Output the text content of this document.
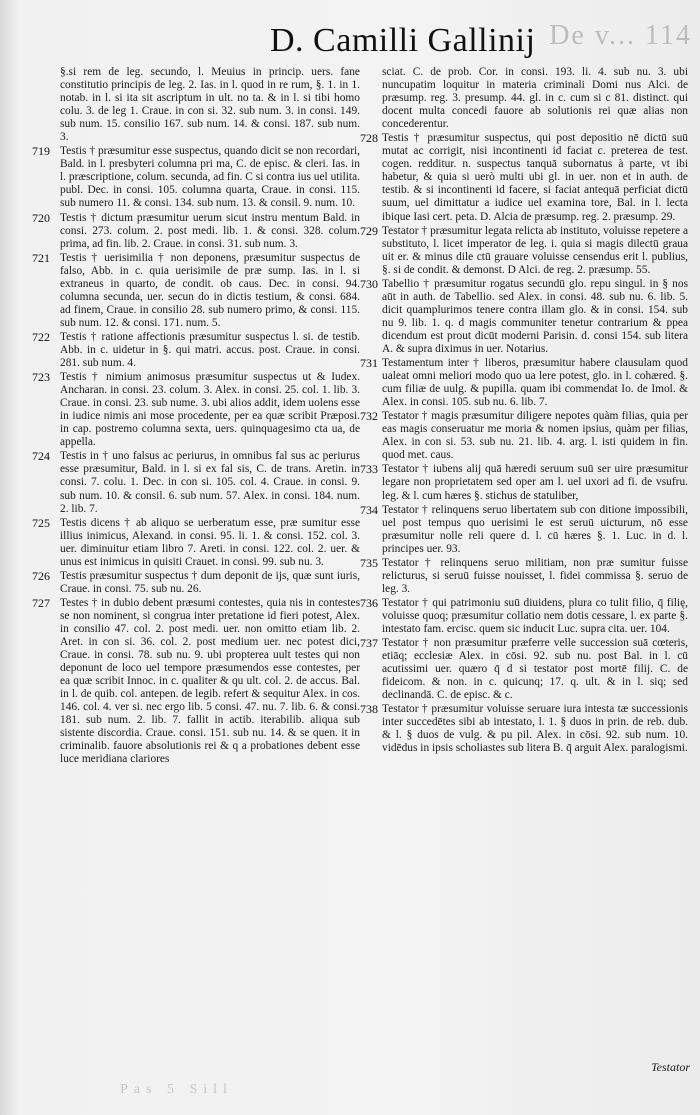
De v... 114
D. Camilli Gallinij

§.si rem de leg. secundo, l. Meuius in princip. uers. fane constitutio principis de leg. 2. Ias. in l. quod in re rum, §. 1. in 1. notab. in l. si ita sit ascriptum in ult. no ta. & in l. si tibi homo colu. 3. de leg 1. Craue. in con si. 32. sub num. 3. in consi. 149. sub num. 15. consilio 167. sub num. 14. & consi. 187. sub num. 3.

719 Testis † præsumitur esse suspectus, quando dicit se non recordari, Bald. in l. presbyteri columna pri ma, C. de episc. & cleri. Ias. in l. præscriptione, colum. secunda, ad fin. C si contra ius uel utilita. publ. Dec. in consi. 105. columna quarta, Craue. in consi. 115. sub numero 11. & consi. 134. sub num. 13. & consil. 9. num. 10.

720 Testis † dictum præsumitur uerum sicut instru mentum Bald. in consi. 273. colum. 2. post medi. lib. 1. & consi. 328. colum. prima, ad fin. lib. 2. Craue. in consi. 31. sub num. 3.

721 Testis † uerisimilia † non deponens, præsumitur suspectus de falso, Abb. in c. quia uerisimile de præ sump. Ias. in l. si extraneus in quarto, de condit. ob caus. Dec. in consi. 94. columna secunda, uer. secun do in dictis testium, & consi. 684. ad finem, Craue. in consilio 28. sub numero primo, & consi. 115. sub num. 12. & consi. 171. num. 5.

722 Testis † ratione affectionis præsumitur suspectus l. si. de testib. Abb. in c. uidetur in §. qui matri. accus. post. Craue. in consi. 281. sub num. 4.

723 Testis † nimium animosus præsumitur suspectus ut & Iudex. Ancharan. in consi. 23. colum. 3. Alex. in consi. 25. col. 1. lib. 3. Craue. in consi. 23. sub nume. 3. ubi alios addit, idem uolens esse in iudice nimis ani mose procedente, per ea quæ scribit Præposi. in cap. postremo columna sexta, uers. quinquagesimo cta ua, de appella.

724 Testis in † uno falsus ac periurus, in omnibus fal sus ac periurus esse præsumitur, Bald. in l. si ex fal sis, C. de trans. Aretin. in consi. 7. colu. 1. Dec. in con si. 105. col. 4. Craue. in consi. 9. sub num. 10. & consil. 6. sub num. 57. Alex. in consi. 184. num. 2. lib. 7.

725 Testis dicens † ab aliquo se uerberatum esse, præ sumitur esse illius inimicus, Alexand. in consi. 95. li. 1. & consi. 152. col. 3. uer. diminuitur etiam libro 7. Areti. in consi. 122. col. 2. uer. & unus est inimicus in quisiti Crauet. in consi. 99. sub nu. 3.

726 Testis præsumitur suspectus † dum deponit de ijs, quæ sunt iuris, Craue. in consi. 75. sub nu. 26.

727 Testes † in dubio debent præsumi contestes, quia nis in contestes se non nominent, si congrua inter pretatione id fieri potest, Alex. in consilio 47. col. 2. post medi. uer. non omitto etiam lib. 2. Aret. in con si. 36. col. 2. post medium uer. nec potest dici, Craue. in consi. 78. sub nu. 9. ubi propterea uult testes qui non deponunt de loco uel tempore præsumendos esse contestes, per ea quæ scribit Innoc. in c. qualiter & qu ult. col. 2. de accus. Bal. in l. de quib. col. antepen. de legib. refert & sequitur Alex. in cos. 146. col. 4. ver si. nec ergo lib. 5 consi. 47. nu. 7. lib. 6. & consi. 181. sub num. 2. lib. 7. fallit in actib. iterabilib. aliqua sub sistente discordia. Craue. consi. 151. sub nu. 14. & se quen. it in criminalib. fauore absolutionis rei & q a probationes debent esse luce meridiana clariores

sciat. C. de prob. Cor. in consi. 193. li. 4. sub nu. 3. ubi nuncupatim loquitur in materia criminali Domi nus Alci. de præsump. reg. 3. presump. 44. gl. in c. cum si c 81. distinct. qui docent multa concedi fauore ab solutionis rei quæ alias non concederentur.

728 Testis † præsumitur suspectus, qui post depositio nē dictū suū mutat ac corrigit, nisi incontinenti id faciat c. preterea de test. cogen. redditur. n. suspectus tanquā subornatus à parte, vt ibi habetur, & quia si uerò multi ubi gl. in uer. non et in auth. de testib. & si incontinenti id facere, si faciat antequā perficiat dictū suum, uel dimittatur a iudice uel examina tore, Bal. in l. lecta ibique Iasi cert. peta. D. Alcia de præsump. reg. 2. præsump. 29.

729 Testator † præsumitur legata relicta ab instituto, voluisse repetere a substituto, l. licet imperator de leg. i. quia si magis dilectū graua uit er. & minus dile ctū grauare voluisse censendus erit l. publius, §. si de condit. & demonst. D Alci. de reg. 2. præsump. 55.

730 Tabellio † præsumitur rogatus secundū glo. repu singul. in § nos aūt in auth. de Tabellio. sed Alex. in consi. 48. sub nu. 6. lib. 5. dicit quamplurimos tenere contra illam glo. & in consi. 154. sub nu 9. lib. 1. q. d magis communiter tenetur contrarium & ppea dicendum est prout dicūt moderni Parisin. d. consi 154. sub litera A. & supra diximus in uer. Notarius.

731 Testamentum inter † liberos, præsumitur habere clausulam quod ualeat omni meliori modo quo ua lere potest, glo. in l. cohæred. §. cum filiæ de uulg. & pupilla. quam ibi commendat Io. de Imol. & Alex. in consi. 105. sub nu. 6. lib. 7.

732 Testator † magis præsumitur diligere nepotes quàm filias, quia per eas magis conseruatur me moria & nomen ipsius, quàm per filias, Alex. in con si. 53. sub nu. 21. lib. 4. arg. l. isti quidem in fin. quod met. caus.

733 Testator † iubens alij quā hæredi seruum suū ser uire præsumitur legare non proprietatem sed oper am l. uel uxori ad fi. de vsufru. leg. & l. cum hæres §. stichus de statuliber,

734 Testator † relinquens seruo libertatem sub con ditione impossibili, uel post tempus quo uerisimi le est seruū uicturum, nō esse præsumitur nolle reli quere d. l. cū hæres §. 1. Luc. in d. l. principes uer. 93.

735 Testator † relinquens seruo militiam, non præ sumitur fuisse relicturus, si seruū fuisse nouisset, l. fidei commissa §. seruo de leg. 3.

736 Testator † qui patrimoniu suū diuidens, plura co tulit filio, q̄ filię, voluisse quoq; præsumitur collatio nem dotis cessare, l. ex parte §. intestato fam. ercisc. quem sic inducit Luc. supra cita. uer. 104.

737 Testator † non præsumitur præferre velle succession suā cœteris, etiāq; ecclesiæ Alex. in cōsi. 92. sub nu. post Bal. in l. cū acutissimi uer. quæro q̄ d si testator post mortē filij. C. de fideicom. & non. in c. quicunq; 17. q. ult. & in l. siq; sed declinandā. C. de episc. & c.

738 Testator † præsumitur voluisse seruare iura intesta tæ successionis inter succedētes sibi ab intestato, l. 1. § duos in prin. de reb. dub. & l. § duos de vulg. & pu pil. Alex. in cōsi. 92. sub num. 10. vidēdus in ipsis scholiastes sub litera B. q̄ arguit Alex. paralogismi.

Testator
Pas 5 Sill
